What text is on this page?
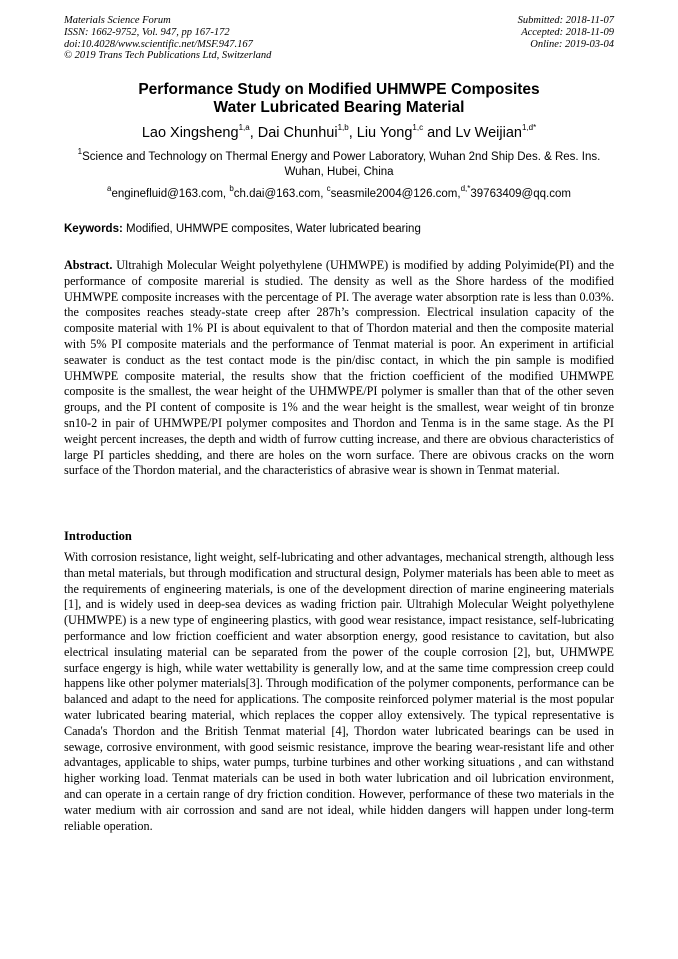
Materials Science Forum
ISSN: 1662-9752, Vol. 947, pp 167-172
doi:10.4028/www.scientific.net/MSF.947.167
© 2019 Trans Tech Publications Ltd, Switzerland
Submitted: 2018-11-07
Accepted: 2018-11-09
Online: 2019-03-04
Performance Study on Modified UHMWPE Composites
Water Lubricated Bearing Material
Lao Xingsheng$^{1,a}$, Dai Chunhui$^{1,b}$, Liu Yong$^{1,c}$ and Lv Weijian$^{1,d*}$
$^1$Science and Technology on Thermal Energy and Power Laboratory, Wuhan 2nd Ship Des. & Res. Ins. Wuhan, Hubei, China
$^a$enginefluid@163.com, $^b$ch.dai@163.com, $^c$seasmile2004@126.com,$^{d,*}$39763409@qq.com
Keywords: Modified, UHMWPE composites, Water lubricated bearing
Abstract. Ultrahigh Molecular Weight polyethylene (UHMWPE) is modified by adding Polyimide(PI) and the performance of composite marerial is studied. The density as well as the Shore hardess of the modified UHMWPE composite increases with the percentage of PI. The average water absorption rate is less than 0.03%. the composites reaches steady-state creep after 287h’s compression. Electrical insulation capacity of the composite material with 1% PI is about equivalent to that of Thordon material and then the composite material with 5% PI composite materials and the performance of Tenmat material is poor. An experiment in artificial seawater is conduct as the test contact mode is the pin/disc contact, in which the pin sample is modified UHMWPE composite material, the results show that the friction coefficient of the modified UHMWPE composite is the smallest, the wear height of the UHMWPE/PI polymer is smaller than that of the other seven groups, and the PI content of composite is 1% and the wear height is the smallest, wear weight of tin bronze sn10-2 in pair of UHMWPE/PI polymer composites and Thordon and Tenma is in the same stage. As the PI weight percent increases, the depth and width of furrow cutting increase, and there are obvious characteristics of large PI particles shedding, and there are holes on the worn surface. There are obivous cracks on the worn surface of the Thordon material, and the characteristics of abrasive wear is shown in Tenmat material.
Introduction
With corrosion resistance, light weight, self-lubricating and other advantages, mechanical strength, although less than metal materials, but through modification and structural design, Polymer materials has been able to meet as the requirements of engineering materials, is one of the development direction of marine engineering materials [1], and is widely used in deep-sea devices as wading friction pair. Ultrahigh Molecular Weight polyethylene (UHMWPE) is a new type of engineering plastics, with good wear resistance, impact resistance, self-lubricating performance and low friction coefficient and water absorption energy, good resistance to cavitation, but also electrical insulating material can be separated from the power of the couple corrosion [2], but, UHMWPE surface engergy is high, while water wettability is generally low, and at the same time compression creep could happens like other polymer materials[3]. Through modification of the polymer components, performance can be balanced and adapt to the need for applications. The composite reinforced polymer material is the most popular water lubricated bearing material, which replaces the copper alloy extensively. The typical representative is Canada's Thordon and the British Tenmat material [4], Thordon water lubricated bearings can be used in sewage, corrosive environment, with good seismic resistance, improve the bearing wear-resistant life and other advantages, applicable to ships, water pumps, turbine turbines and other working situations , and can withstand higher working load. Tenmat materials can be used in both water lubrication and oil lubrication environment, and can operate in a certain range of dry friction condition. However, performance of these two materials in the water medium with air corrossion and sand are not ideal, while hidden dangers will happen under long-term reliable operation.
